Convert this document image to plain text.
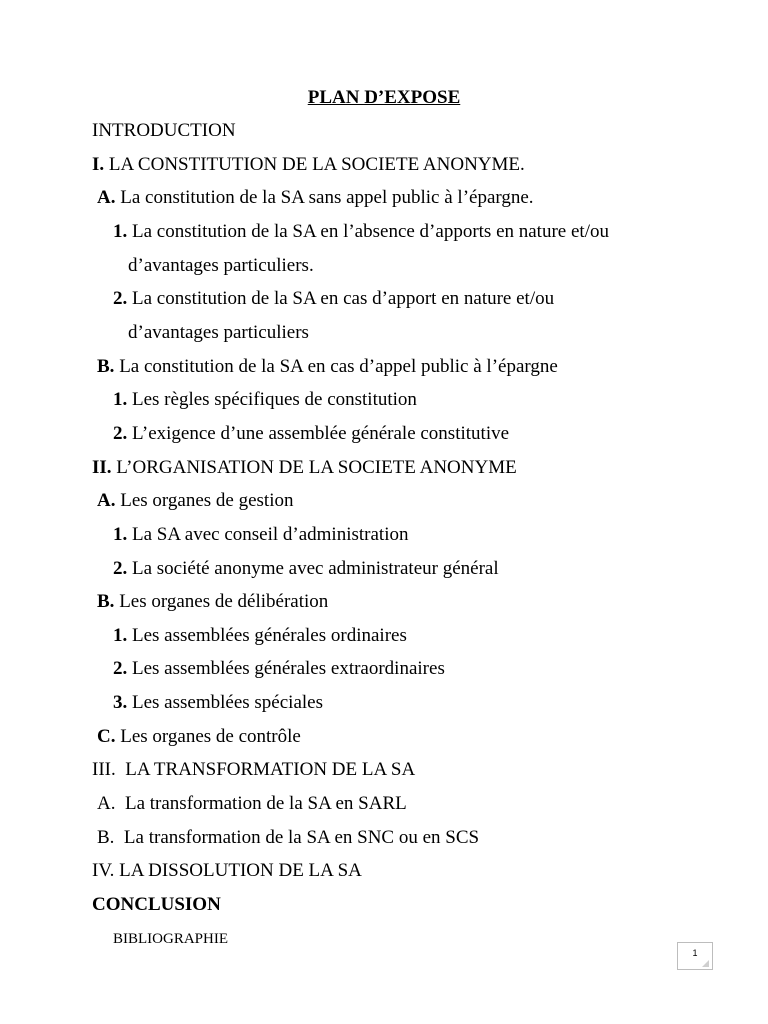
PLAN D’EXPOSE
INTRODUCTION
I. LA CONSTITUTION DE LA SOCIETE ANONYME.
A. La constitution de la SA sans appel public à l’épargne.
1. La constitution de la SA en l’absence d’apports en nature et/ou
d’avantages particuliers.
2. La constitution de la SA en cas d’apport en nature et/ou
d’avantages particuliers
B. La constitution de la SA en cas d’appel public à l’épargne
1. Les règles spécifiques de constitution
2. L’exigence d’une assemblée générale constitutive
II. L’ORGANISATION DE LA SOCIETE ANONYME
A. Les organes de gestion
1. La SA avec conseil d’administration
2. La société anonyme avec administrateur général
B. Les organes de délibération
1. Les assemblées générales ordinaires
2. Les assemblées générales extraordinaires
3. Les assemblées spéciales
C. Les organes de contrôle
III.  LA TRANSFORMATION DE LA SA
A.  La transformation de la SA en SARL
B.  La transformation de la SA en SNC ou en SCS
IV. LA DISSOLUTION DE LA SA
CONCLUSION
BIBLIOGRAPHIE
1
